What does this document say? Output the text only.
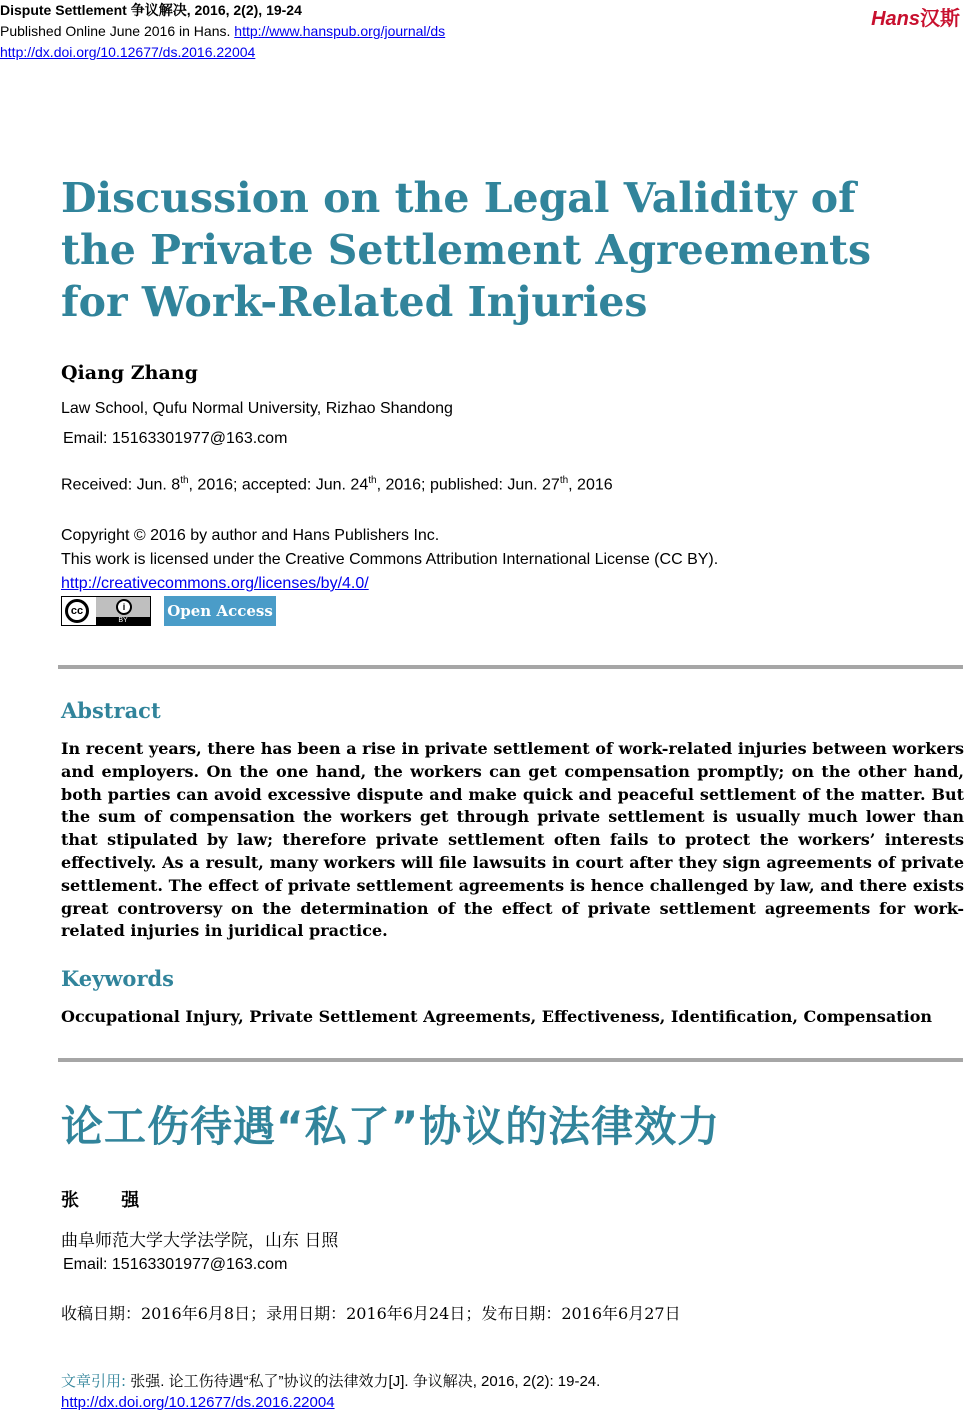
Dispute Settlement 争议解决, 2016, 2(2), 19-24
Published Online June 2016 in Hans. http://www.hanspub.org/journal/ds
http://dx.doi.org/10.12677/ds.2016.22004
Hans汉斯
Discussion on the Legal Validity of the Private Settlement Agreements for Work-Related Injuries
Qiang Zhang
Law School, Qufu Normal University, Rizhao Shandong
Email: 15163301977@163.com
Received: Jun. 8th, 2016; accepted: Jun. 24th, 2016; published: Jun. 27th, 2016
Copyright © 2016 by author and Hans Publishers Inc.
This work is licensed under the Creative Commons Attribution International License (CC BY).
http://creativecommons.org/licenses/by/4.0/
cc	i
BY
Open Access
Abstract
In recent years, there has been a rise in private settlement of work-related injuries between workers and employers. On the one hand, the workers can get compensation promptly; on the other hand, both parties can avoid excessive dispute and make quick and peaceful settlement of the matter. But the sum of compensation the workers get through private settlement is usually much lower than that stipulated by law; therefore private settlement often fails to protect the workers’ interests effectively. As a result, many workers will file lawsuits in court after they sign agreements of private settlement. The effect of private settlement agreements is hence challenged by law, and there exists great controversy on the determination of the effect of private settlement agreements for work-related injuries in juridical practice.
Keywords
Occupational Injury, Private Settlement Agreements, Effectiveness, Identification, Compensation
论工伤待遇“私了”协议的法律效力
张 强
曲阜师范大学大学法学院，山东 日照
Email: 15163301977@163.com
收稿日期：2016年6月8日；录用日期：2016年6月24日；发布日期：2016年6月27日
文章引用: 张强. 论工伤待遇“私了”协议的法律效力[J]. 争议解决, 2016, 2(2): 19-24.
http://dx.doi.org/10.12677/ds.2016.22004
